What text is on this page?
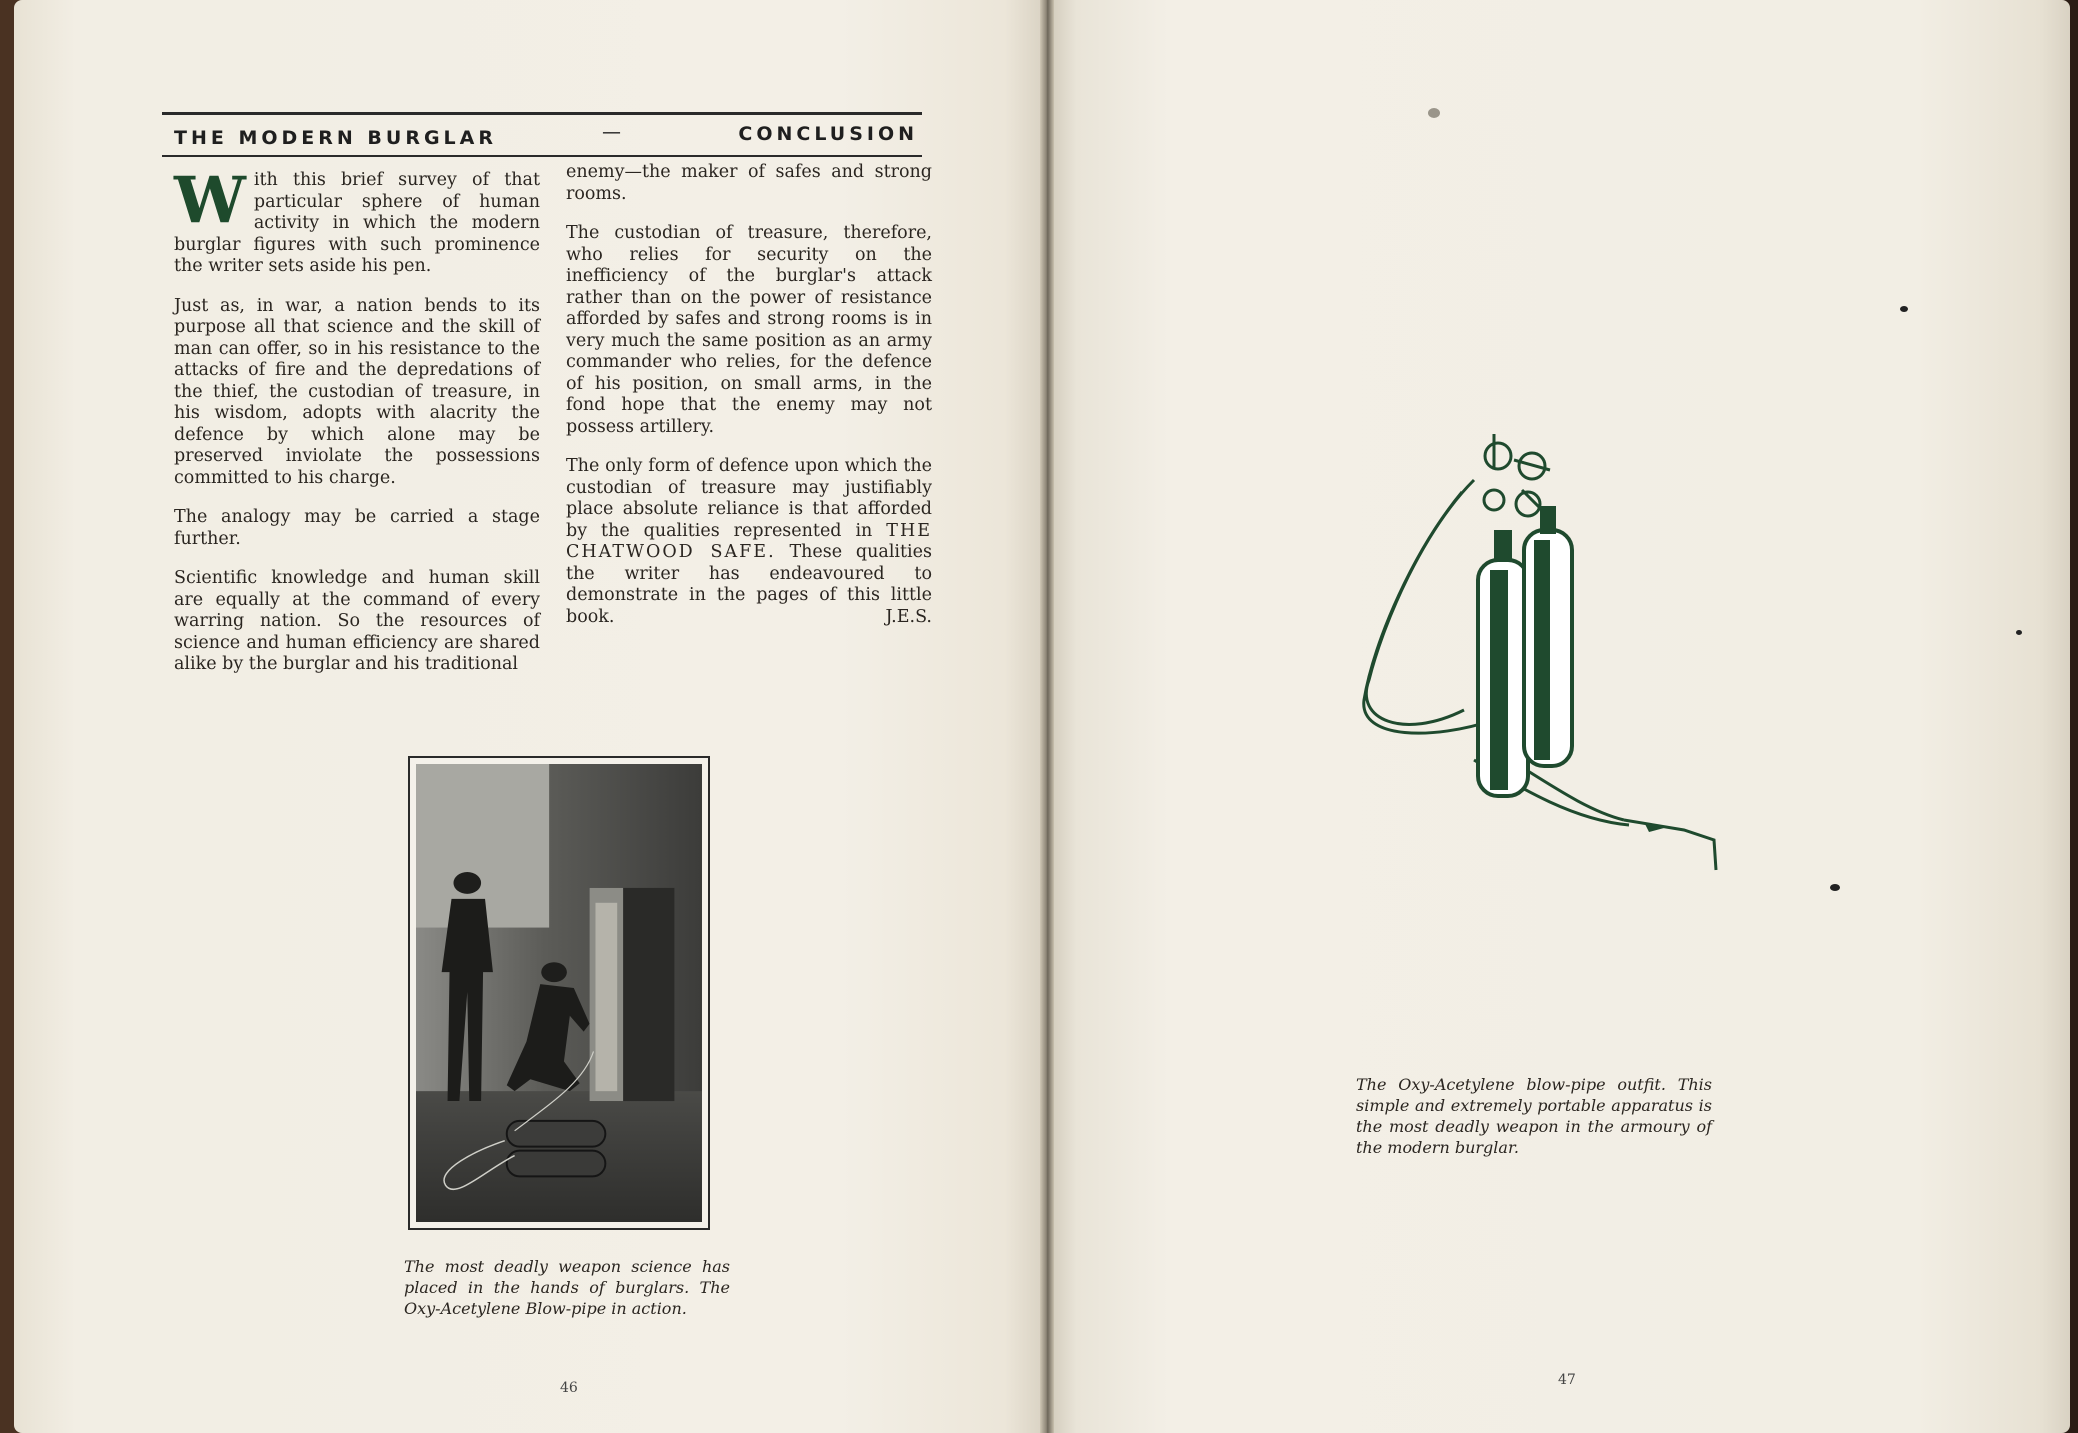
THE MODERN BURGLAR	—	CONCLUSION

With this brief survey of that particular sphere of human activity in which the modern burglar figures with such prominence the writer sets aside his pen.

Just as, in war, a nation bends to its purpose all that science and the skill of man can offer, so in his resistance to the attacks of fire and the depredations of the thief, the custodian of treasure, in his wisdom, adopts with alacrity the defence by which alone may be preserved inviolate the possessions committed to his charge.

The analogy may be carried a stage further.

Scientific knowledge and human skill are equally at the command of every warring nation. So the resources of science and human efficiency are shared alike by the burglar and his traditional

enemy—the maker of safes and strong rooms.

The custodian of treasure, therefore, who relies for security on the inefficiency of the burglar's attack rather than on the power of resistance afforded by safes and strong rooms is in very much the same position as an army commander who relies, for the defence of his position, on small arms, in the fond hope that the enemy may not possess artillery.

The only form of defence upon which the custodian of treasure may justifiably place absolute reliance is that afforded by the qualities represented in THE CHATWOOD SAFE. These qualities the writer has endeavoured to demonstrate in the pages of this little book.	J.E.S.

The most deadly weapon science has placed in the hands of burglars. The Oxy-Acetylene Blow-pipe in action.
The Oxy-Acetylene blow-pipe outfit. This simple and extremely portable apparatus is the most deadly weapon in the armoury of the modern burglar.
46	47
